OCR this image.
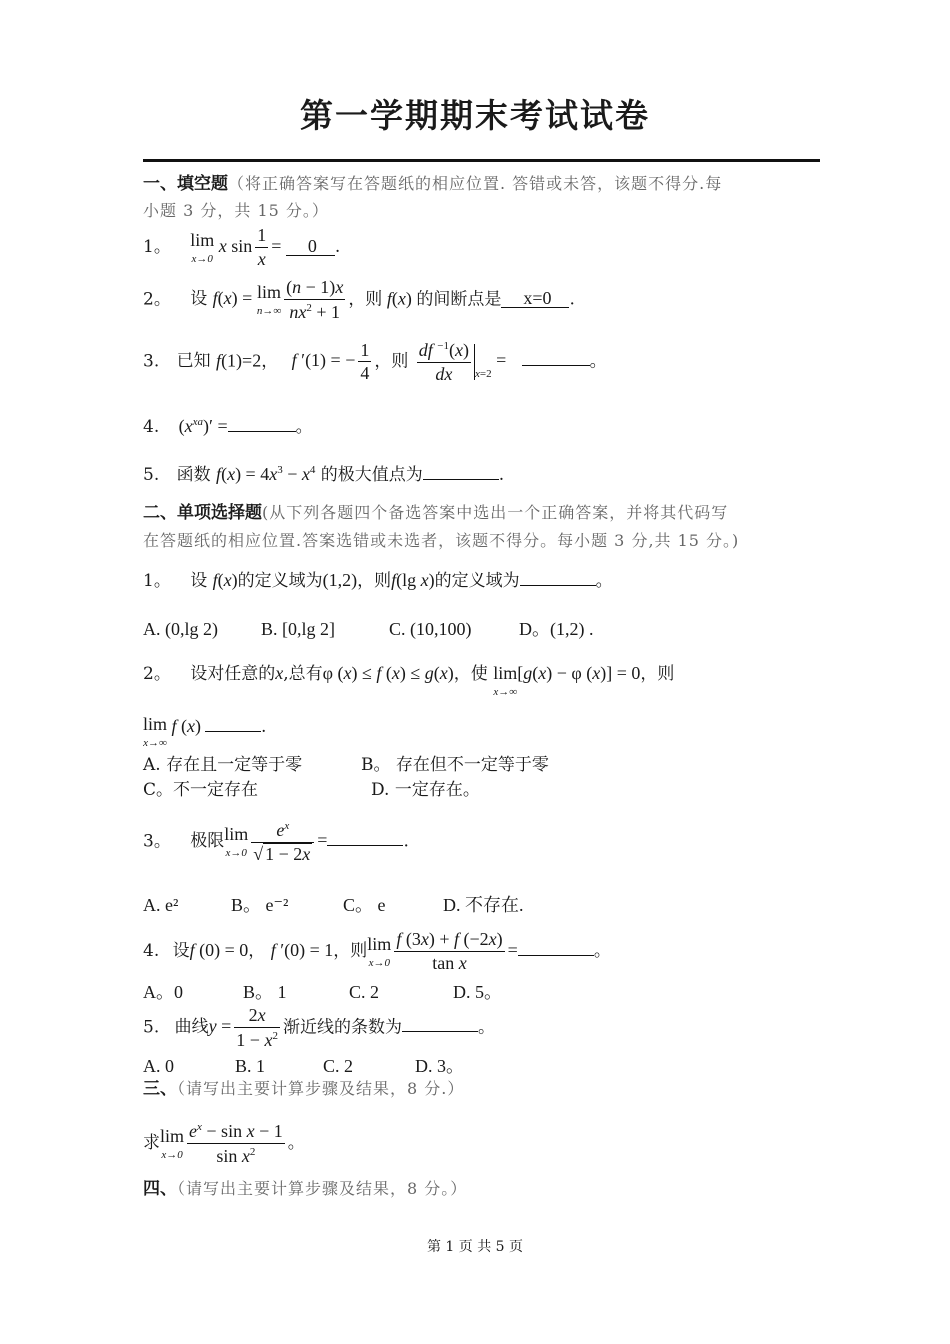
第一学期期末考试试卷
一、填空题（将正确答案写在答题纸的相应位置. 答错或未答，该题不得分.每
小题 3 分，共 15 分。）
1。 lim
x→0
x $\sin \frac{1}{x} = 0$ .
2。 设 f(x) = lim
$n\to\infty \frac{(n - 1)x}{nx^2 + 1}$ ，则 f(x) 的间断点是 x=0 .
3. 已知 f(1)=2， f ′(1) = − $\frac{1}{4}$ ，则 $\frac{df ^{-1}(x)}{dx} x=2$ =	。
4. $(x^{xa})'$ =	。
5. 函数 $f(x) = 4x^3 - x^4$ 的极大值点为	.
二、单项选择题(从下列各题四个备选答案中选出一个正确答案，并将其代码写
在答题纸的相应位置.答案选错或未选者，该题不得分。每小题 3 分,共 15 分。)
1。 设 f(x)的定义域为(1,2)，则f(lg x)的定义域为	。
A. (0,lg 2) B. [0,lg 2]	C. (10,100)	D。(1,2) .
2。 设对任意的x,总有φ (x) ≤ f (x) ≤ g(x)，使 lim
x→∞
[g(x) − φ (x)] = 0，则
lim
x→∞
f (x)	.
A. 存在且一定等于零	B。 存在但不一定等于零
C。不一定存在	D. 一定存在。
3。 极限 lim
$x\to 0 \frac{e^x}{√ 1 - 2x}$ =	.
A. e²	B。 e⁻²	C。 e	D. 不存在.
4. 设f (0) = 0， f ′(0) = 1，则 lim
$x\to 0 \frac{f (3x) + f (-2x)}{\text{tan x}}$ =	。
A。0	B。 1	C. 2	D. 5。
5. 曲线$y = \frac{2x}{1 - x^2}$ 渐近线的条数为	。
A. 0	B. 1	C. 2	D. 3。
三、（请写出主要计算步骤及结果，8 分.）
求 lim
$x\to 0 \frac{e^x - \sin x - 1}{\sin x^2}$ 。
四、（请写出主要计算步骤及结果，8 分。）
第 1 页 共 5 页
